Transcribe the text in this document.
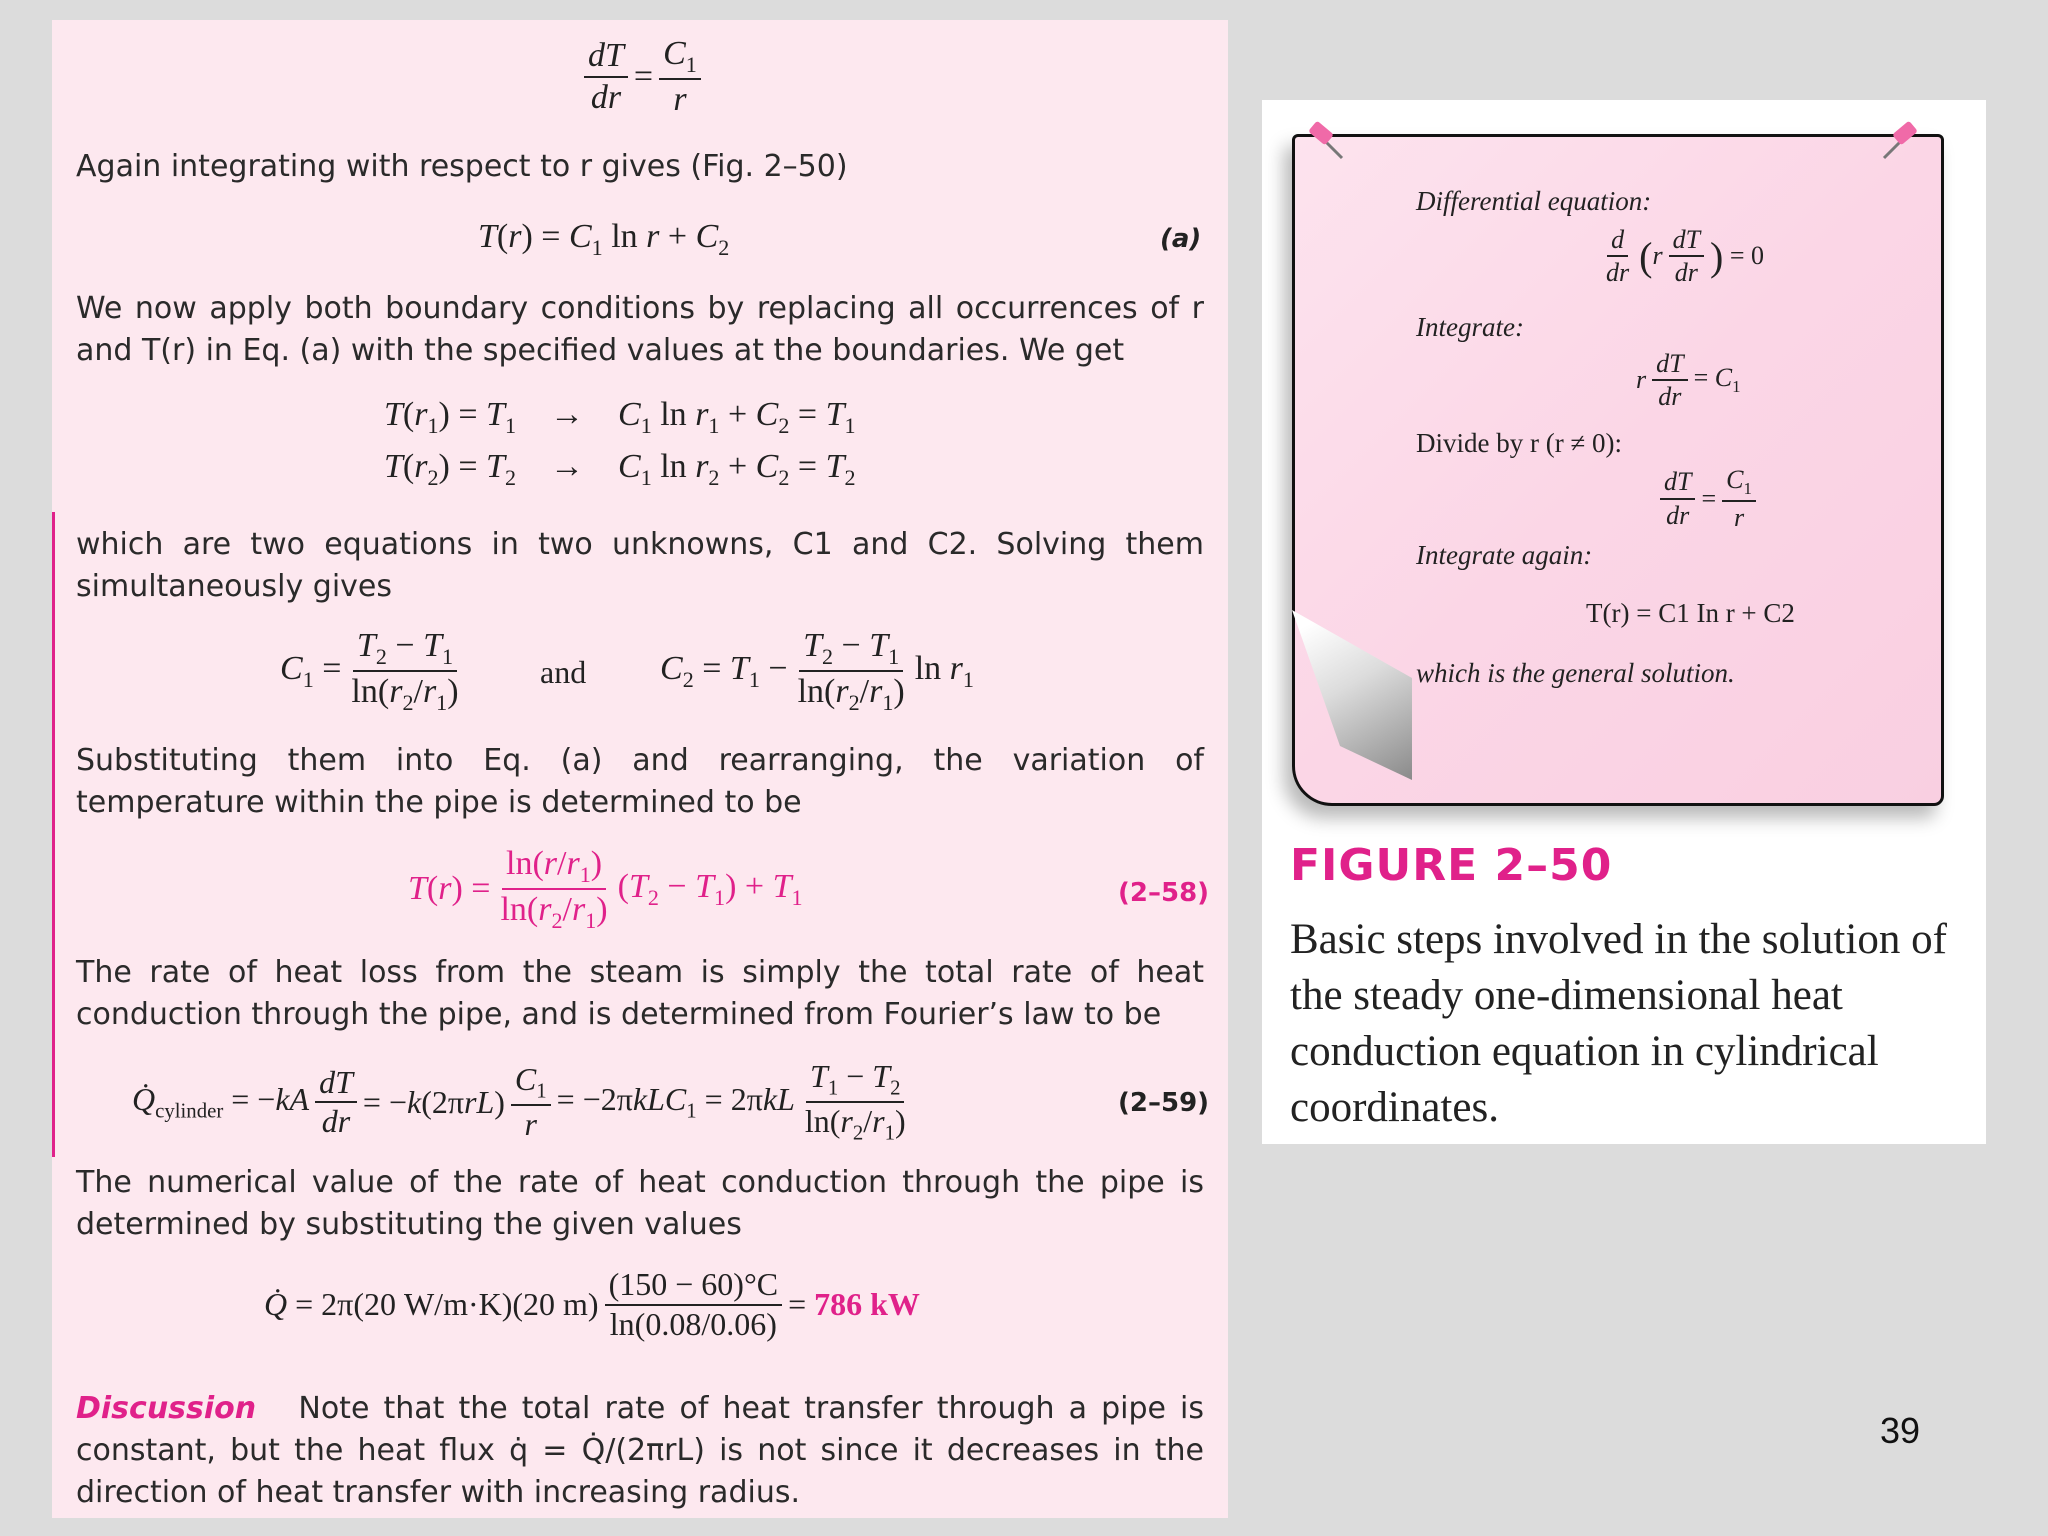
$\frac{dT}{dr} = \frac{C_1}{r}$

Again integrating with respect to r gives (Fig. 2–50)

$T(r) = C_1$ $\ln r + C_2$	(a)

We now apply both boundary conditions by replacing all occurrences of r and T(r) in Eq. (a) with the specified values at the boundaries. We get

$T(r_1) = T_1$    →    $C_1$ $\ln r_1 + C_2 = T_1$
$T(r_2) = T_2$    →    $C_1$ $\ln r_2 + C_2 = T_2$

which are two equations in two unknowns, C1 and C2. Solving them simultaneously gives

$C_1 = \frac{T_2 - T_1}{\ln(r_2/r_1)}$ and $C_2 = T_1 - \frac{T_2 - T_1}{\ln(r_2/r_1)}$ $\ln r_1$

Substituting them into Eq. (a) and rearranging, the variation of temperature within the pipe is determined to be

$T(r) = \frac{\ln(r/r_1)}{\ln(r_2/r_1)} (T_2 - T_1) + T_1$	(2–58)

The rate of heat loss from the steam is simply the total rate of heat conduction through the pipe, and is determined from Fourier’s law to be

$Q̇_{cylinder} = -kA \frac{dT}{dr} = -k(2\pi rL) \frac{C_1}{r} = -2\pi kLC_1 = 2\pi kL \frac{T_1 - T_2}{\ln(r_2/r_1)}$	(2–59)

The numerical value of the rate of heat conduction through the pipe is determined by substituting the given values

Q̇ = 2π(20 W/m·K)(20 $m) \frac{(150 - 60)^\circ C}{\ln(0.08/0.06)} = 786$ kW

Discussion Note that the total rate of heat transfer through a pipe is constant, but the heat flux q̇ = Q̇/(2πrL) is not since it decreases in the direction of heat transfer with increasing radius.

Differential equation:
$\frac{d}{dr}$ ( r $\frac{dT}{dr}$ ) = 0
Integrate:
r $\frac{dT}{dr} = C_1$
Divide by r (r ≠ 0):
$\frac{dT}{dr} = \frac{C_1}{r}$
Integrate again:
T(r) = C1 In r + C2
which is the general solution.
FIGURE 2–50
Basic steps involved in the solution of the steady one-dimensional heat conduction equation in cylindrical coordinates.
39
